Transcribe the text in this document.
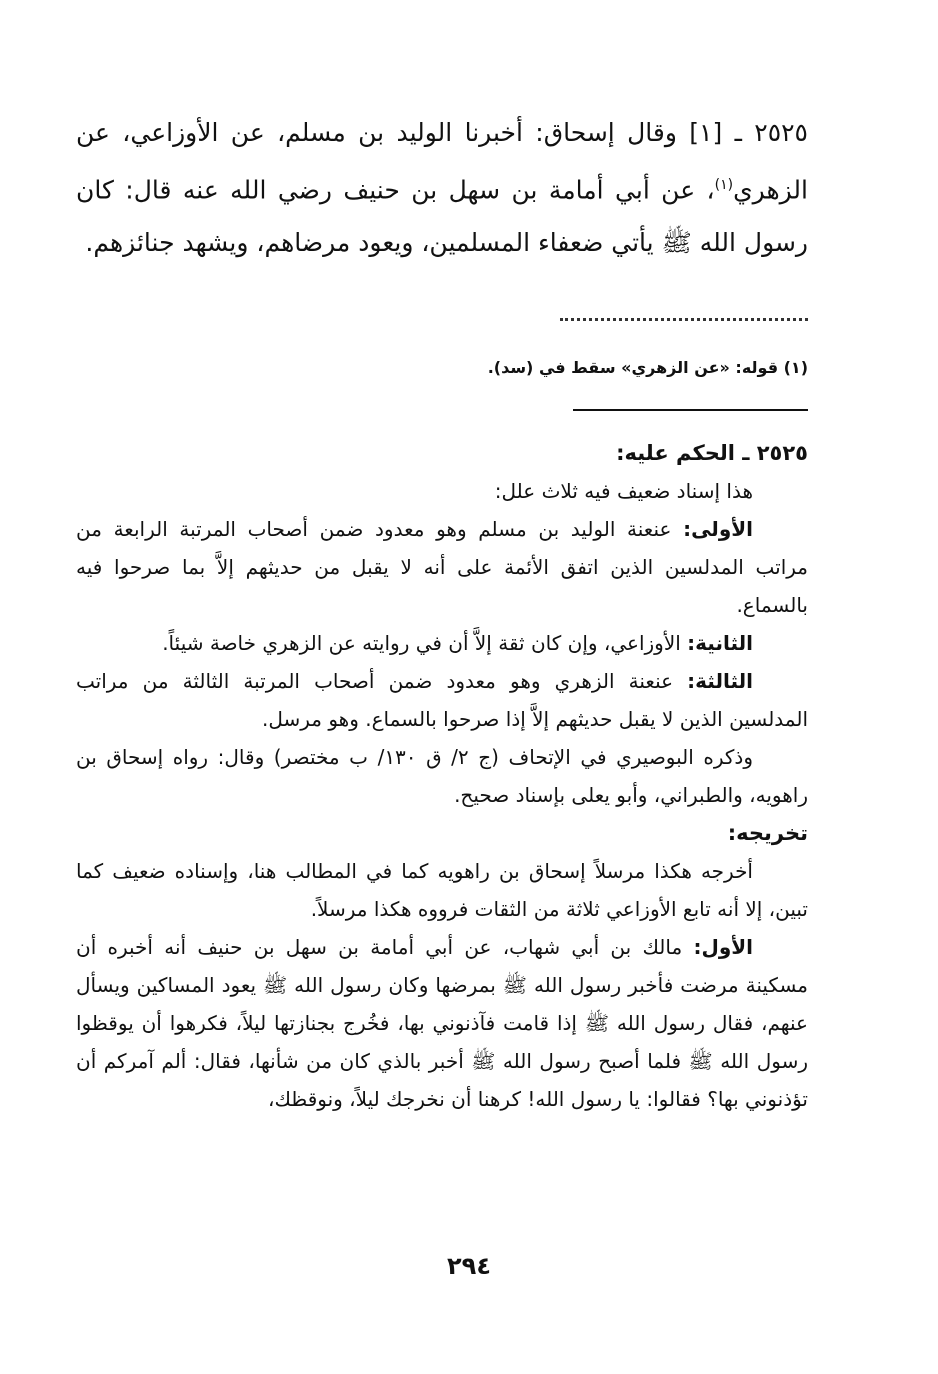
٢٥٢٥ ـ [١] وقال إسحاق: أخبرنا الوليد بن مسلم، عن الأوزاعي، عن الزهري$^{(١)}$، عن أبي أمامة بن سهل بن حنيف رضي الله عنه قال: كان رسول الله ﷺ يأتي ضعفاء المسلمين، ويعود مرضاهم، ويشهد جنائزهم.
(١) قوله: «عن الزهري» سقط في (سد).

٢٥٢٥ ـ الحكم عليه:

هذا إسناد ضعيف فيه ثلاث علل:

الأولى: عنعنة الوليد بن مسلم وهو معدود ضمن أصحاب المرتبة الرابعة من مراتب المدلسين الذين اتفق الأئمة على أنه لا يقبل من حديثهم إلاَّ بما صرحوا فيه بالسماع.

الثانية: الأوزاعي، وإن كان ثقة إلاَّ أن في روايته عن الزهري خاصة شيئاً.

الثالثة: عنعنة الزهري وهو معدود ضمن أصحاب المرتبة الثالثة من مراتب المدلسين الذين لا يقبل حديثهم إلاَّ إذا صرحوا بالسماع. وهو مرسل.

وذكره البوصيري في الإتحاف (ج ٢/ ق ١٣٠/ ب مختصر) وقال: رواه إسحاق بن راهويه، والطبراني، وأبو يعلى بإسناد صحيح.

تخريجه:

أخرجه هكذا مرسلاً إسحاق بن راهويه كما في المطالب هنا، وإسناده ضعيف كما تبين، إلا أنه تابع الأوزاعي ثلاثة من الثقات فرووه هكذا مرسلاً.

الأول: مالك بن أبي شهاب، عن أبي أمامة بن سهل بن حنيف أنه أخبره أن مسكينة مرضت فأخبر رسول الله ﷺ بمرضها وكان رسول الله ﷺ يعود المساكين ويسأل عنهم، فقال رسول الله ﷺ إذا قامت فآذنوني بها، فخُرج بجنازتها ليلاً، فكرهوا أن يوقظوا رسول الله ﷺ فلما أصبح رسول الله ﷺ أخبر بالذي كان من شأنها، فقال: ألم آمركم أن تؤذنوني بها؟ فقالوا: يا رسول الله! كرهنا أن نخرجك ليلاً، ونوقظك،

٢٩٤
